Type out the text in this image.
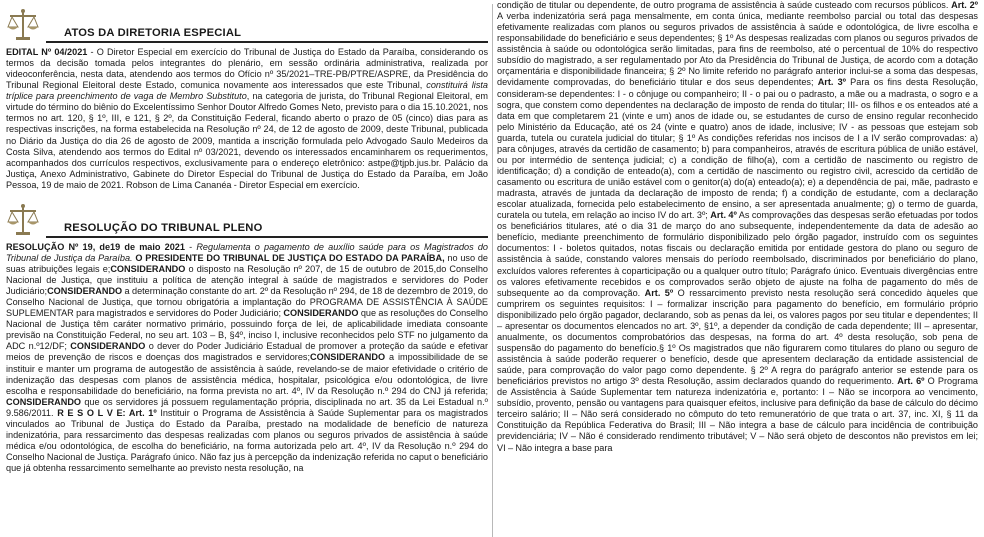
ATOS DA DIRETORIA ESPECIAL

EDITAL Nº 04/2021 - O Diretor Especial em exercício do Tribunal de Justiça do Estado da Paraíba, considerando os termos da decisão tomada pelos integrantes do plenário, em sessão ordinária administrativa, realizada por videoconferência, nesta data, atendendo aos termos do Ofício nº 35/2021–TRE-PB/PTRE/ASPRE, da Presidência do Tribunal Regional Eleitoral deste Estado, comunica novamente aos interessados que este Tribunal, constituirá lista tríplice para preenchimento de vaga de Membro Substituto, na categoria de jurista, do Tribunal Regional Eleitoral, em virtude do término do biênio do Excelentíssimo Senhor Doutor Alfredo Gomes Neto, previsto para o dia 15.10.2021, nos termos no art. 120, § 1º, III, e 121, § 2º, da Constituição Federal, ficando aberto o prazo de 05 (cinco) dias para as respectivas inscrições, na forma estabelecida na Resolução nº 24, de 12 de agosto de 2009, deste Tribunal, publicada no Diário da Justiça do dia 26 de agosto de 2009, mantida a inscrição formulada pelo Advogado Saulo Medeiros da Costa Silva, atendendo aos termos do Edital nº 03/2021, devendo os interessados encaminharem os requerimentos, acompanhados dos currículos respectivos, exclusivamente para o endereço eletrônico: astpe@tjpb.jus.br. Palácio da Justiça, Anexo Administrativo, Gabinete do Diretor Especial do Tribunal de Justiça do Estado da Paraíba, em João Pessoa, 19 de maio de 2021. Robson de Lima Cananéa - Diretor Especial em exercício.

RESOLUÇÃO DO TRIBUNAL PLENO

RESOLUÇÃO Nº 19, de19 de maio 2021 - Regulamenta o pagamento de auxílio saúde para os Magistrados do Tribunal de Justiça da Paraíba. O PRESIDENTE DO TRIBUNAL DE JUSTIÇA DO ESTADO DA PARAÍBA, no uso de suas atribuições legais e;CONSIDERANDO o disposto na Resolução nº 207, de 15 de outubro de 2015,do Conselho Nacional de Justiça, que instituiu a política de atenção integral à saúde de magistrados e servidores do Poder Judiciário;CONSIDERANDO a determinação constante do art. 2º da Resolução nº 294, de 18 de dezembro de 2019, do Conselho Nacional de Justiça, que tornou obrigatória a implantação do PROGRAMA DE ASSISTÊNCIA À SAÚDE SUPLEMENTAR para magistrados e servidores do Poder Judiciário; CONSIDERANDO que as resoluções do Conselho Nacional de Justiça têm caráter normativo primário, possuindo força de lei, de aplicabilidade imediata consoante previsão na Constituição Federal, no seu art. 103 – B, §4º, inciso I, inclusive reconhecidos pelo STF no julgamento da ADC n.º12/DF; CONSIDERANDO o dever do Poder Judiciário Estadual de promover a proteção da saúde e efetivar meios de prevenção de riscos e doenças dos magistrados e servidores;CONSIDERANDO a impossibilidade de se instituir e manter um programa de autogestão de assistência à saúde, revelando-se de maior efetividade o critério de indenização das despesas com planos de assistência médica, hospitalar, psicológica e/ou odontológica, de livre escolha e responsabilidade do beneficiário, na forma prevista no art. 4º, IV da Resolução n.º 294 do CNJ já referida; CONSIDERANDO que os servidores já possuem regulamentação própria, disciplinada no art. 35 da Lei Estadual n.º 9.586/2011. R E S O L V E: Art. 1º Instituir o Programa de Assistência à Saúde Suplementar para os magistrados vinculados ao Tribunal de Justiça do Estado da Paraíba, prestado na modalidade de benefício de natureza indenizatória, para ressarcimento das despesas realizadas com planos ou seguros privados de assistência à saúde médica e/ou odontológica, de escolha do beneficiário, na forma autorizada pelo art. 4º, IV da Resolução n.º 294 do Conselho Nacional de Justiça. Parágrafo único. Não faz jus à percepção da indenização referida no caput o beneficiário que já obtenha ressarcimento semelhante ao previsto nesta resolução, na

condição de titular ou dependente, de outro programa de assistência à saúde custeado com recursos públicos. Art. 2º A verba indenizatória será paga mensalmente, em conta única, mediante reembolso parcial ou total das despesas efetivamente realizadas com planos ou seguros privados de assistência à saúde e odontológica, de livre escolha e responsabilidade do beneficiário e seus dependentes; § 1º As despesas realizadas com planos ou seguros privados de assistência à saúde ou odontológica serão limitadas, para fins de reembolso, até o percentual de 10% do respectivo subsídio do magistrado, a ser regulamentado por Ato da Presidência do Tribunal de Justiça, de acordo com a dotação orçamentária e disponibilidade financeira; § 2º No limite referido no parágrafo anterior inclui-se a soma das despesas, devidamente comprovadas, do beneficiário titular e dos seus dependentes; Art. 3º Para os fins desta Resolução, consideram-se dependentes: I - o cônjuge ou companheiro; II - o pai ou o padrasto, a mãe ou a madrasta, o sogro e a sogra, que constem como dependentes na declaração de imposto de renda do titular; III- os filhos e os enteados até a data em que completarem 21 (vinte e um) anos de idade ou, se estudantes de curso de ensino regular reconhecido pelo Ministério da Educação, até os 24 (vinte e quatro) anos de idade, inclusive; IV - as pessoas que estejam sob guarda, tutela ou curatela judicial do titular; § 1º As condições referidas nos incisos de I a IV serão comprovadas: a) para cônjuges, através da certidão de casamento; b) para companheiros, através de escritura pública de união estável, ou por intermédio de sentença judicial; c) a condição de filho(a), com a certidão de nascimento ou registro de identificação; d) a condição de enteado(a), com a certidão de nascimento ou registro civil, acrescido da certidão de casamento ou escritura de união estável com o genitor(a) do(a) enteado(a); e) a dependência de pai, mãe, padrasto e madrasta, através de juntada da declaração de imposto de renda; f) a condição de estudante, com a declaração escolar atualizada, fornecida pelo estabelecimento de ensino, a ser apresentada anualmente; g) o termo de guarda, curatela ou tutela, em relação ao inciso IV do art. 3º; Art. 4º As comprovações das despesas serão efetuadas por todos os beneficiários titulares, até o dia 31 de março do ano subsequente, independentemente da data de adesão ao benefício, mediante preenchimento de formulário disponibilizado pelo órgão pagador, instruído com os seguintes documentos: I - boletos quitados, notas fiscais ou declaração emitida por entidade gestora do plano ou seguro de assistência à saúde, constando valores mensais do período reembolsado, discriminados por beneficiário do plano, excluídos valores referentes à coparticipação ou a qualquer outro título; Parágrafo único. Eventuais divergências entre os valores efetivamente recebidos e os comprovados serão objeto de ajuste na folha de pagamento do mês de subsequente ao da comprovação. Art. 5º O ressarcimento previsto nesta resolução será concedido àqueles que cumprirem os seguintes requisitos: I – formalizar inscrição para pagamento do benefício, em formulário próprio disponibilizado pelo órgão pagador, declarando, sob as penas da lei, os valores pagos por seu titular e dependentes; II – apresentar os documentos elencados no art. 3º, §1º, a depender da condição de cada dependente; III – apresentar, anualmente, os documentos comprobatórios das despesas, na forma do art. 4º desta resolução, sob pena de suspensão do pagamento do benefício.§ 1º Os magistrados que não figurarem como titulares do plano ou seguro de assistência à saúde poderão requerer o benefício, desde que apresentem declaração da entidade assistencial de saúde, para comprovação do valor pago como dependente. § 2º A regra do parágrafo anterior se estende para os beneficiários previstos no artigo 3º desta Resolução, assim declarados quando do requerimento. Art. 6º O Programa de Assistência à Saúde Suplementar tem natureza indenizatória e, portanto: I – Não se incorpora ao vencimento, subsídio, provento, pensão ou vantagens para quaisquer efeitos, inclusive para definição da base de cálculo do décimo terceiro salário; II – Não será considerado no cômputo do teto remuneratório de que trata o art. 37, inc. XI, § 11 da Constituição da República Federativa do Brasil; III – Não integra a base de cálculo para incidência de contribuição previdenciária; IV – Não é considerado rendimento tributável; V – Não será objeto de descontos não previstos em lei; VI – Não integra a base para
